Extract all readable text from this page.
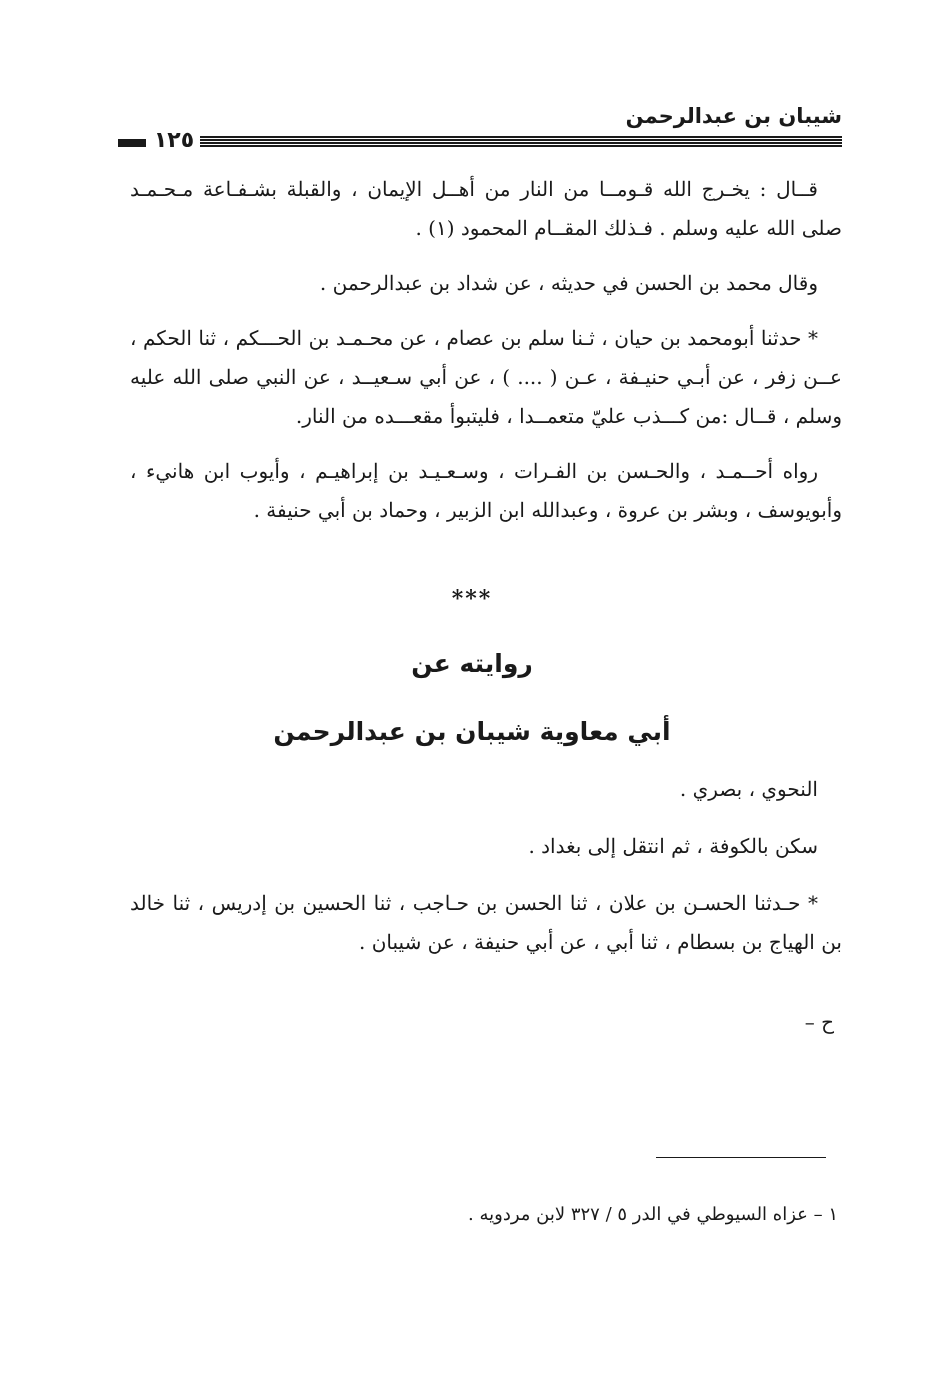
شيبان بن عبدالرحمن
١٢٥

قــال : يخـرج الله قـومــا من النار من أهــل الإيمان ، والقبلة بشـفـاعة مـحـمـد صلى الله عليه وسلم . فـذلك المقــام المحمود (١) .

وقال محمد بن الحسن في حديثه ، عن شداد بن عبدالرحمن .

* حدثنا أبومحمد بن حيان ، ثـنا سلم بن عصام ، عن محـمـد بن الحـــكم ، ثنا الحكم ، عــن زفر ، عن أبـي حنيـفة ، عـن ( .... ) ، عن أبي سـعيــد ، عن النبي صلى الله عليه وسلم ، قــال :من كـــذب عليّ متعمــدا ، فليتبوأ مقعـــده من النار.

رواه أحــمـد ، والحـسن بن الفـرات ، وسـعـيـد بن إبراهيـم ، وأيوب ابن هانيء ، وأبويوسف ، وبشر بن عروة ، وعبدالله ابن الزبير ، وحماد بن أبي حنيفة .

***
روايته عن
أبي معاوية شيبان بن عبدالرحمن

النحوي ، بصري .

سكن بالكوفة ، ثم انتقل إلى بغداد .

* حـدثنا الحسـن بن علان ، ثنا الحسن بن حـاجب ، ثنا الحسين بن إدريس ، ثنا خالد بن الهياج بن بسطام ، ثنا أبي ، عن أبي حنيفة ، عن شيبان .

ح –
١ – عزاه السيوطي في الدر ٥ / ٣٢٧ لابن مردويه .
